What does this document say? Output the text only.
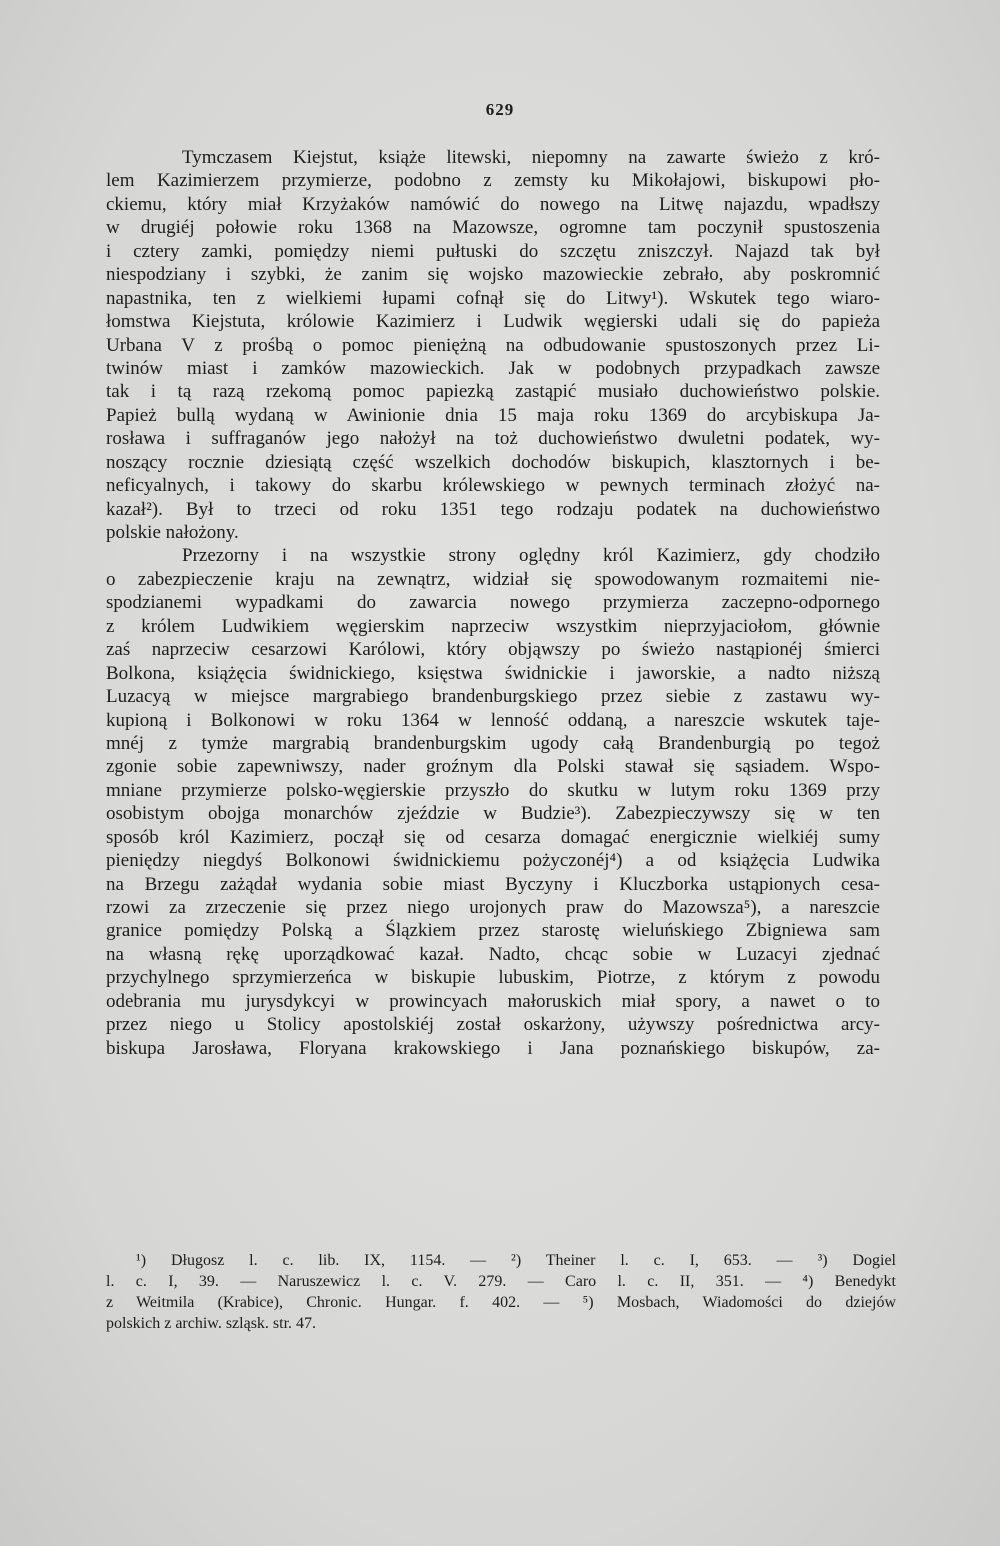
629
Tymczasem Kiejstut, książe litewski, niepomny na zawarte świeżo z kró-
lem Kazimierzem przymierze, podobno z zemsty ku Mikołajowi, biskupowi pło-
ckiemu, który miał Krzyżaków namówić do nowego na Litwę najazdu, wpadłszy
w drugiéj połowie roku 1368 na Mazowsze, ogromne tam poczynił spustoszenia
i cztery zamki, pomiędzy niemi pułtuski do szczętu zniszczył. Najazd tak był
niespodziany i szybki, że zanim się wojsko mazowieckie zebrało, aby poskromnić
napastnika, ten z wielkiemi łupami cofnął się do Litwy¹). Wskutek tego wiaro-
łomstwa Kiejstuta, królowie Kazimierz i Ludwik węgierski udali się do papieża
Urbana V z prośbą o pomoc pieniężną na odbudowanie spustoszonych przez Li-
twinów miast i zamków mazowieckich. Jak w podobnych przypadkach zawsze
tak i tą razą rzekomą pomoc papiezką zastąpić musiało duchowieństwo polskie.
Papież bullą wydaną w Awinionie dnia 15 maja roku 1369 do arcybiskupa Ja-
rosława i suffraganów jego nałożył na toż duchowieństwo dwuletni podatek, wy-
noszący rocznie dziesiątą część wszelkich dochodów biskupich, klasztornych i be-
neficyalnych, i takowy do skarbu królewskiego w pewnych terminach złożyć na-
kazał²). Był to trzeci od roku 1351 tego rodzaju podatek na duchowieństwo
polskie nałożony.
Przezorny i na wszystkie strony oględny król Kazimierz, gdy chodziło
o zabezpieczenie kraju na zewnątrz, widział się spowodowanym rozmaitemi nie-
spodzianemi wypadkami do zawarcia nowego przymierza zaczepno-odpornego
z królem Ludwikiem węgierskim naprzeciw wszystkim nieprzyjaciołom, głównie
zaś naprzeciw cesarzowi Karólowi, który objąwszy po świeżo nastąpionéj śmierci
Bolkona, książęcia świdnickiego, księstwa świdnickie i jaworskie, a nadto niższą
Luzacyą w miejsce margrabiego brandenburgskiego przez siebie z zastawu wy-
kupioną i Bolkonowi w roku 1364 w lenność oddaną, a nareszcie wskutek taje-
mnéj z tymże margrabią brandenburgskim ugody całą Brandenburgią po tegoż
zgonie sobie zapewniwszy, nader groźnym dla Polski stawał się sąsiadem. Wspo-
mniane przymierze polsko-węgierskie przyszło do skutku w lutym roku 1369 przy
osobistym obojga monarchów zjeździe w Budzie³). Zabezpieczywszy się w ten
sposób król Kazimierz, począł się od cesarza domagać energicznie wielkiéj sumy
pieniędzy niegdyś Bolkonowi świdnickiemu pożyczonéj⁴) a od książęcia Ludwika
na Brzegu zażądał wydania sobie miast Byczyny i Kluczborka ustąpionych cesa-
rzowi za zrzeczenie się przez niego urojonych praw do Mazowsza⁵), a nareszcie
granice pomiędzy Polską a Ślązkiem przez starostę wieluńskiego Zbigniewa sam
na własną rękę uporządkować kazał. Nadto, chcąc sobie w Luzacyi zjednać
przychylnego sprzymierzeńca w biskupie lubuskim, Piotrze, z którym z powodu
odebrania mu jurysdykcyi w prowincyach małoruskich miał spory, a nawet o to
przez niego u Stolicy apostolskiéj został oskarżony, używszy pośrednictwa arcy-
biskupa Jarosława, Floryana krakowskiego i Jana poznańskiego biskupów, za-
¹) Długosz l. c. lib. IX, 1154. — ²) Theiner l. c. I, 653. — ³) Dogiel
l. c. I, 39. — Naruszewicz l. c. V. 279. — Caro l. c. II, 351. — ⁴) Benedykt
z Weitmila (Krabice), Chronic. Hungar. f. 402. — ⁵) Mosbach, Wiadomości do dziejów
polskich z archiw. szląsk. str. 47.
